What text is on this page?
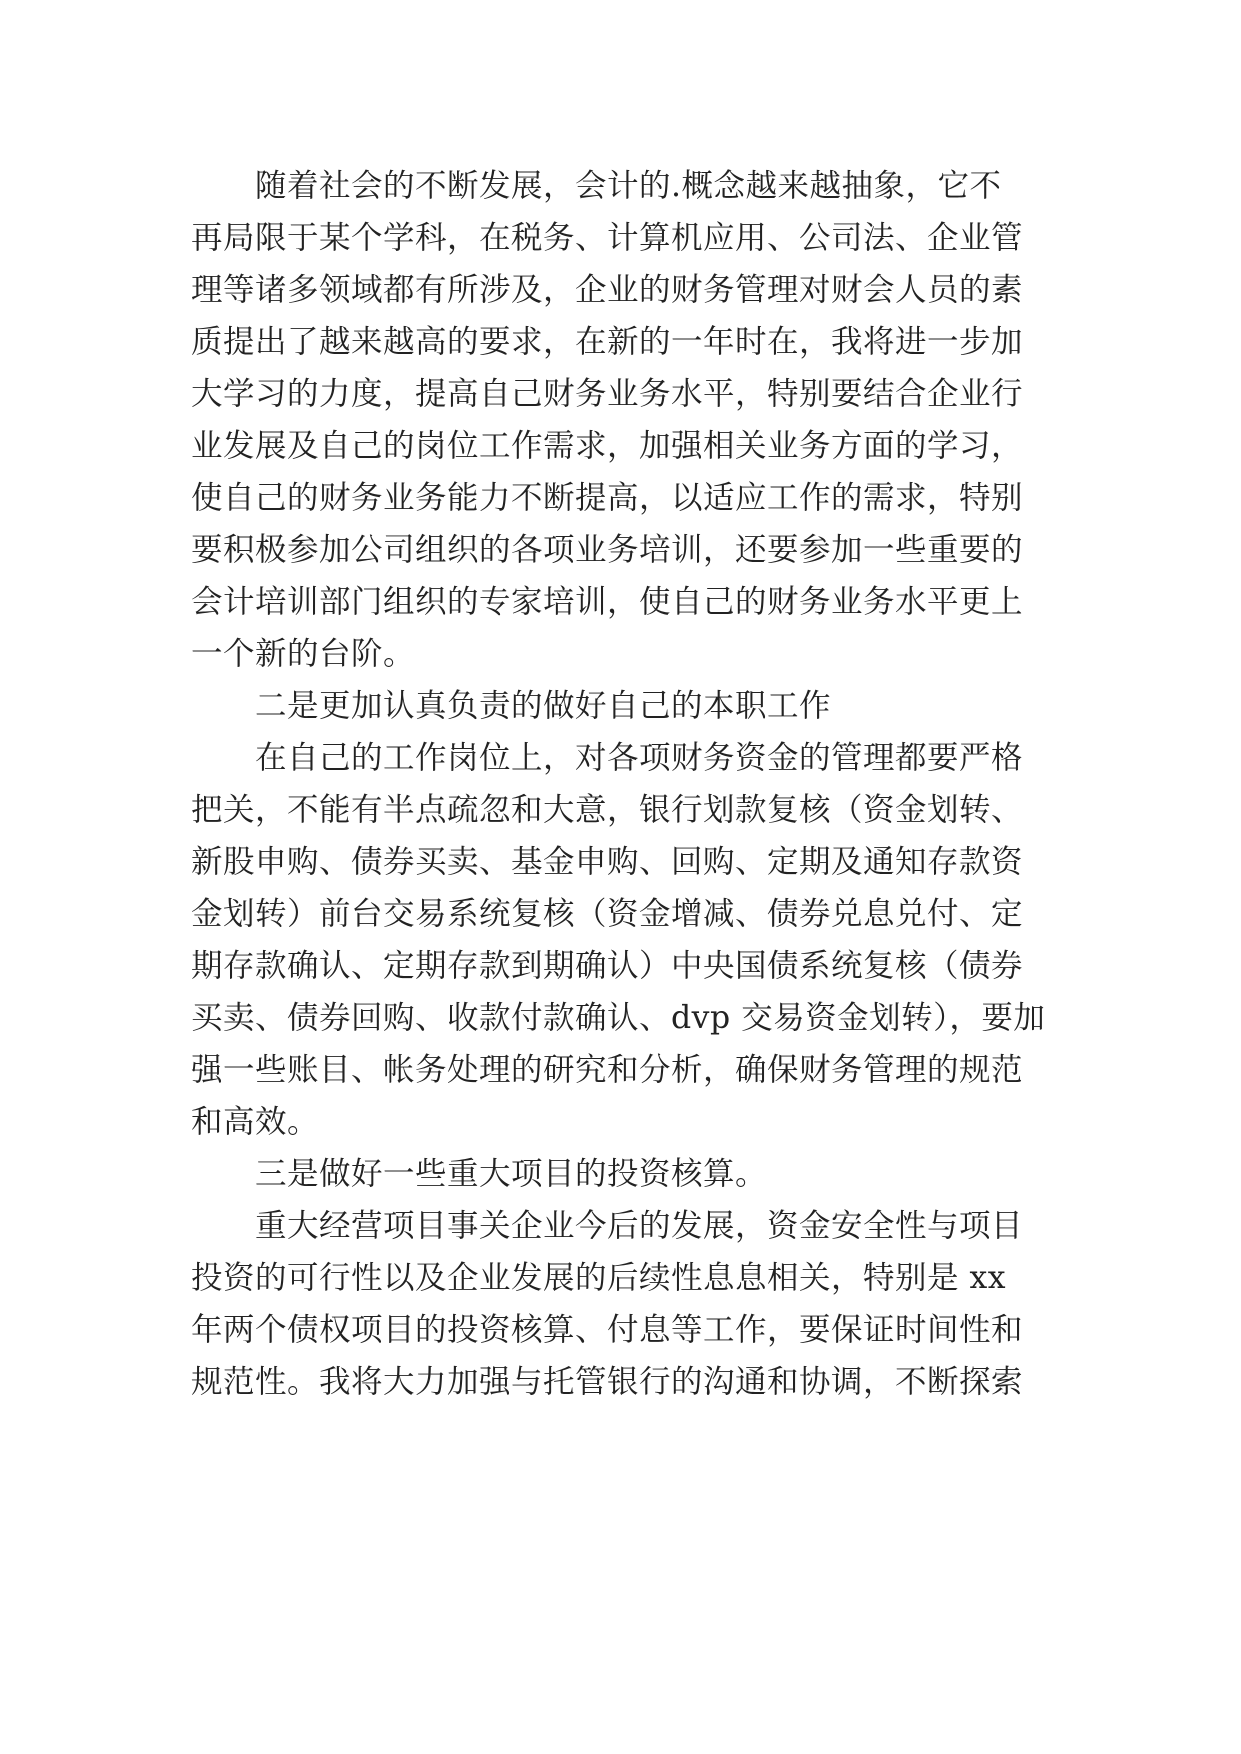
　　随着社会的不断发展，会计的.概念越来越抽象，它不
再局限于某个学科，在税务、计算机应用、公司法、企业管
理等诸多领域都有所涉及，企业的财务管理对财会人员的素
质提出了越来越高的要求，在新的一年时在，我将进一步加
大学习的力度，提高自己财务业务水平，特别要结合企业行
业发展及自己的岗位工作需求，加强相关业务方面的学习，
使自己的财务业务能力不断提高，以适应工作的需求，特别
要积极参加公司组织的各项业务培训，还要参加一些重要的
会计培训部门组织的专家培训，使自己的财务业务水平更上
一个新的台阶。
　　二是更加认真负责的做好自己的本职工作
　　在自己的工作岗位上，对各项财务资金的管理都要严格
把关，不能有半点疏忽和大意，银行划款复核（资金划转、
新股申购、债券买卖、基金申购、回购、定期及通知存款资
金划转）前台交易系统复核（资金增减、债券兑息兑付、定
期存款确认、定期存款到期确认）中央国债系统复核（债券
买卖、债券回购、收款付款确认、dvp 交易资金划转），要加
强一些账目、帐务处理的研究和分析，确保财务管理的规范
和高效。
　　三是做好一些重大项目的投资核算。
　　重大经营项目事关企业今后的发展，资金安全性与项目
投资的可行性以及企业发展的后续性息息相关，特别是 xx
年两个债权项目的投资核算、付息等工作，要保证时间性和
规范性。我将大力加强与托管银行的沟通和协调，不断探索
